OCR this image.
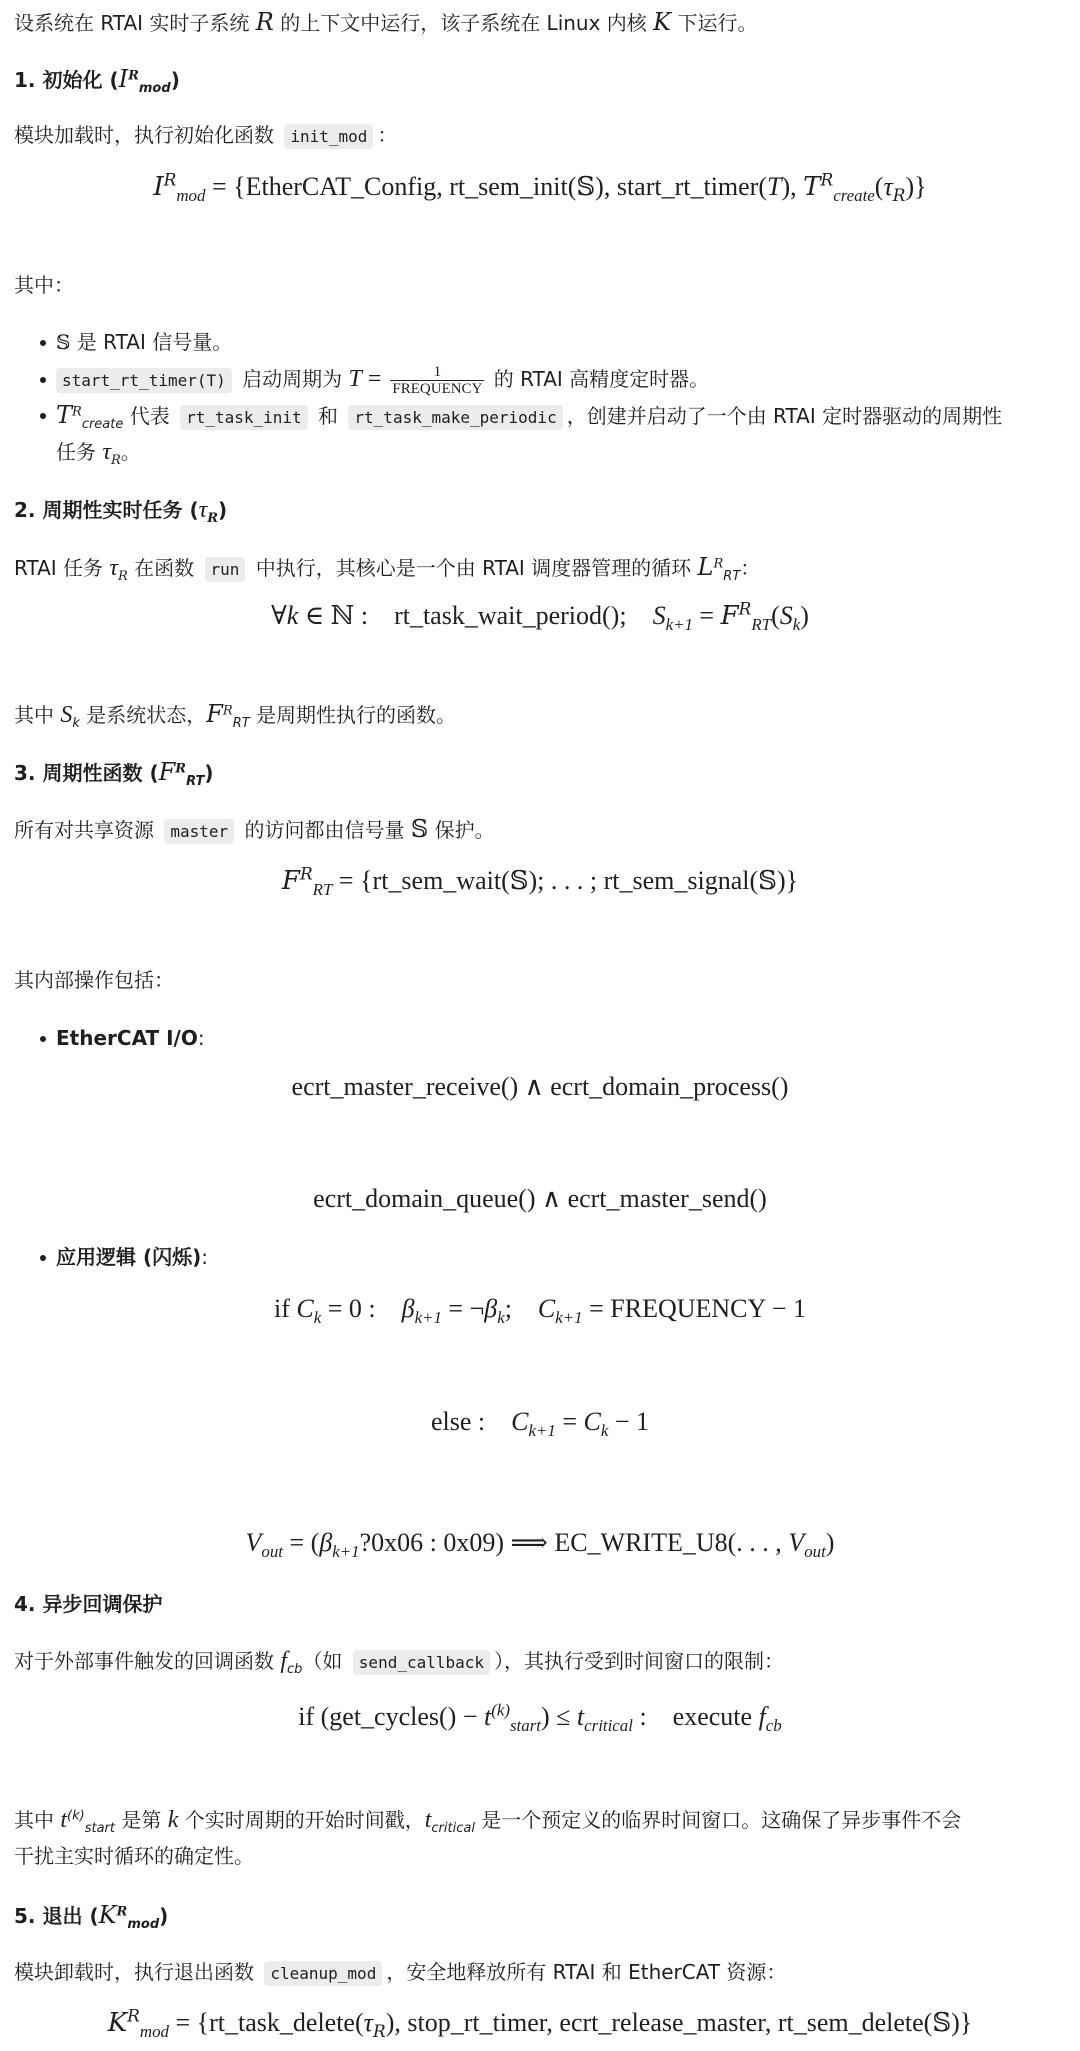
设系统在 RTAI 实时子系统 R 的上下文中运行，该子系统在 Linux 内核 K 下运行。
1. 初始化 $(I^R_{mod})$
模块加载时，执行初始化函数 init_mod ：
$I^R_{mod}$ = {EtherCAT_Config, rt_sem_init(𝕊), start_rt_timer(T), $T^R_{create}(\tau_R)$}
其中：
𝕊 是 RTAI 信号量。
start_rt_timer(T) 启动周期为 $T = \frac{1}{\text{FREQUENCY}}$ 的 RTAI 高精度定时器。
$T^R_{create}$ 代表 rt_task_init 和 rt_task_make_periodic ，创建并启动了一个由 RTAI 定时器驱动的周期性
任务 $\tau_R$。
2. 周期性实时任务 $(\tau_R)$
RTAI 任务 $\tau_R$ 在函数 run 中执行，其核心是一个由 RTAI 调度器管理的循环 $L^R_{RT}$：
∀k ∈ ℕ : rt_task_wait_period(); $S_{k+1} = F^R_{RT}(S_k)$
其中 $S_k$ 是系统状态，$F^R_{RT}$ 是周期性执行的函数。
3. 周期性函数 $(F^R_{RT})$
所有对共享资源 master 的访问都由信号量 𝕊 保护。
$F^R_{RT}$ = {rt_sem_wait(𝕊); . . . ; rt_sem_signal(𝕊)}
其内部操作包括：
EtherCAT I/O:
ecrt_master_receive() ∧ ecrt_domain_process()
ecrt_domain_queue() ∧ ecrt_master_send()
应用逻辑 (闪烁):
if $C_k = 0$ : $\beta_{k+1}$ = $\neg\beta_k$; $C_{k+1}$ = FREQUENCY − 1
else : $C_{k+1} = C_k - 1$
$V_{out}$ = ($\beta_{k+1}?0x06$ : 0x09) ⟹ EC_WRITE_U8(. . . , $V_{out}$)
4. 异步回调保护
对于外部事件触发的回调函数 $f_{cb}$（如 send_callback ），其执行受到时间窗口的限制：
if (get_cycles() − $t^{(k)}_{start}) \le t_{critical}$ : execute $f_{cb}$
其中 $t^{(k)}_{start}$ 是第 k 个实时周期的开始时间戳，$t_{critical}$ 是一个预定义的临界时间窗口。这确保了异步事件不会
干扰主实时循环的确定性。
5. 退出 $(K^R_{mod})$
模块卸载时，执行退出函数 cleanup_mod ，安全地释放所有 RTAI 和 EtherCAT 资源：
$K^R_{mod}$ = {$rt\_task\_delete(\tau_R)$, stop_rt_timer, ecrt_release_master, rt_sem_delete(𝕊)}
